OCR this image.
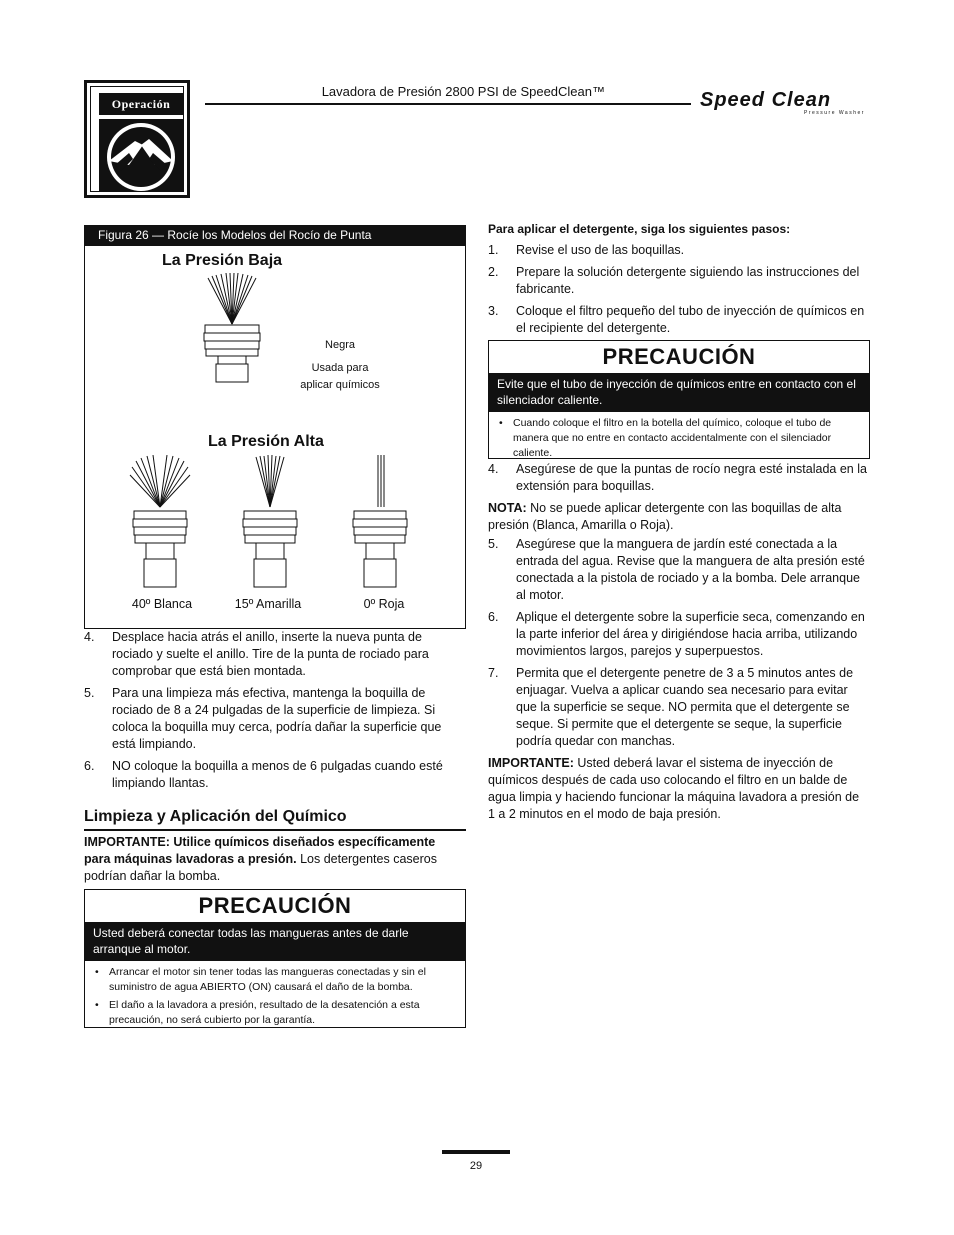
Operación
Lavadora de Presión 2800 PSI de SpeedClean™	Speed Clean
Pressure Washer
Figura 26 — Rocíe los Modelos del Rocío de Punta
La Presión Baja
Negra
Usada para
aplicar químicos
La Presión Alta
40º Blanca	15º Amarilla	0º Roja
4. Desplace hacia atrás el anillo, inserte la nueva punta de rociado y suelte el anillo. Tire de la punta de rociado para comprobar que está bien montada.
5. Para una limpieza más efectiva, mantenga la boquilla de rociado de 8 a 24 pulgadas de la superficie de limpieza. Si coloca la boquilla muy cerca, podría dañar la superficie que está limpiando.
6. NO coloque la boquilla a menos de 6 pulgadas cuando esté limpiando llantas.
Limpieza y Aplicación del Químico
IMPORTANTE: Utilice químicos diseñados específicamente para máquinas lavadoras a presión. Los detergentes caseros podrían dañar la bomba.
PRECAUCIÓN
Usted deberá conectar todas las mangueras antes de darle arranque al motor.
• Arrancar el motor sin tener todas las mangueras conectadas y sin el suministro de agua ABIERTO (ON) causará el daño de la bomba.
• El daño a la lavadora a presión, resultado de la desatención a esta precaución, no será cubierto por la garantía.
Para aplicar el detergente, siga los siguientes pasos:
1. Revise el uso de las boquillas.
2. Prepare la solución detergente siguiendo las instrucciones del fabricante.
3. Coloque el filtro pequeño del tubo de inyección de químicos en el recipiente del detergente.
PRECAUCIÓN
Evite que el tubo de inyección de químicos entre en contacto con el silenciador caliente.
• Cuando coloque el filtro en la botella del químico, coloque el tubo de manera que no entre en contacto accidentalmente con el silenciador caliente.
4. Asegúrese de que la puntas de rocío negra esté instalada en la extensión para boquillas.
NOTA: No se puede aplicar detergente con las boquillas de alta presión (Blanca, Amarilla o Roja).
5. Asegúrese que la manguera de jardín esté conectada a la entrada del agua. Revise que la manguera de alta presión esté conectada a la pistola de rociado y a la bomba. Dele arranque al motor.
6. Aplique el detergente sobre la superficie seca, comenzando en la parte inferior del área y dirigiéndose hacia arriba, utilizando movimientos largos, parejos y superpuestos.
7. Permita que el detergente penetre de 3 a 5 minutos antes de enjuagar. Vuelva a aplicar cuando sea necesario para evitar que la superficie se seque. NO permita que el detergente se seque. Si permite que el detergente se seque, la superficie podría quedar con manchas.
IMPORTANTE: Usted deberá lavar el sistema de inyección de químicos después de cada uso colocando el filtro en un balde de agua limpia y haciendo funcionar la máquina lavadora a presión de 1 a 2 minutos en el modo de baja presión.
29
